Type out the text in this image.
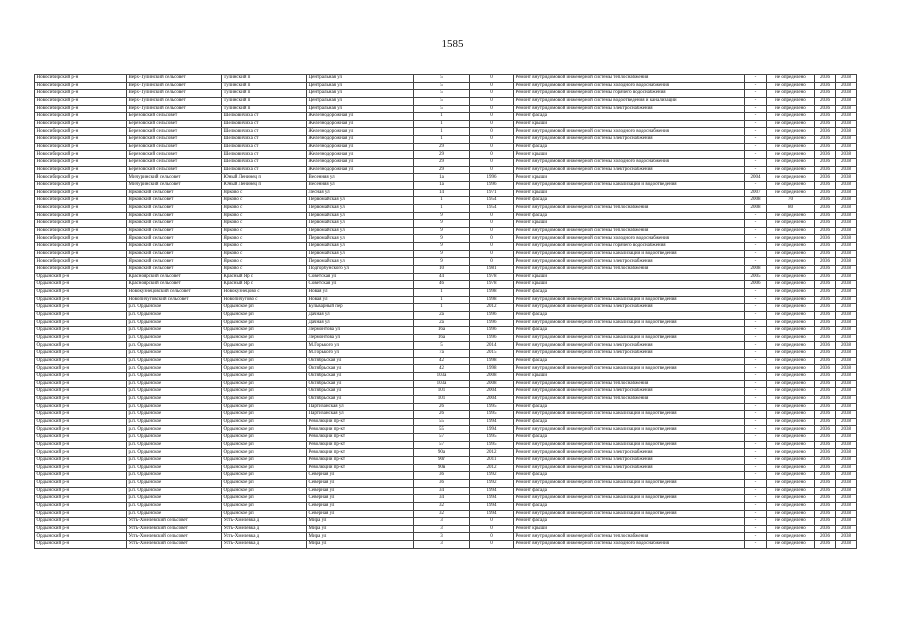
1585
Новосибирский р-н	Верх-Тулинский сельсовет	Тулинский п	Центральная ул	5	0	Ремонт внутридомовой инженерной системы теплоснабжения	-	не определено	2036	2038
Новосибирский р-н	Верх-Тулинский сельсовет	Тулинский п	Центральная ул	5	0	Ремонт внутридомовой инженерной системы холодного водоснабжения	-	не определено	2036	2038
Новосибирский р-н	Верх-Тулинский сельсовет	Тулинский п	Центральная ул	5	0	Ремонт внутридомовой инженерной системы горячего водоснабжения	-	не определено	2036	2038
Новосибирский р-н	Верх-Тулинский сельсовет	Тулинский п	Центральная ул	5	0	Ремонт внутридомовой инженерной системы водоотведения и канализации	-	не определено	2036	2038
Новосибирский р-н	Верх-Тулинский сельсовет	Тулинский п	Центральная ул	5	0	Ремонт внутридомовой инженерной системы электроснабжения	-	не определено	2036	2038
Новосибирский р-н	Березовский сельсовет	Шелковичиха ст	Железнодорожная ул	1	0	Ремонт фасада	-	не определено	2036	2038
Новосибирский р-н	Березовский сельсовет	Шелковичиха ст	Железнодорожная ул	1	0	Ремонт крыши	-	не определено	2036	2038
Новосибирский р-н	Березовский сельсовет	Шелковичиха ст	Железнодорожная ул	1	0	Ремонт внутридомовой инженерной системы холодного водоснабжения	-	не определено	2036	2038
Новосибирский р-н	Березовский сельсовет	Шелковичиха ст	Железнодорожная ул	1	0	Ремонт внутридомовой инженерной системы электроснабжения	-	не определено	2036	2038
Новосибирский р-н	Березовский сельсовет	Шелковичиха ст	Железнодорожная ул	29	0	Ремонт фасада	-	не определено	2036	2038
Новосибирский р-н	Березовский сельсовет	Шелковичиха ст	Железнодорожная ул	29	0	Ремонт крыши	-	не определено	2036	2038
Новосибирский р-н	Березовский сельсовет	Шелковичиха ст	Железнодорожная ул	29	0	Ремонт внутридомовой инженерной системы холодного водоснабжения	-	не определено	2036	2038
Новосибирский р-н	Березовский сельсовет	Шелковичиха ст	Железнодорожная ул	29	0	Ремонт внутридомовой инженерной системы электроснабжения	-	не определено	2036	2038
Новосибирский р-н	Мичуринский сельсовет	Юный Ленинец п	Весенняя ул	1а	1996	Ремонт крыши	2004	не определено	2036	2038
Новосибирский р-н	Мичуринский сельсовет	Юный Ленинец п	Весенняя ул	1а	1996	Ремонт внутридомовой инженерной системы канализации и водоотведения	-	не определено	2036	2038
Новосибирский р-н	Ярковский сельсовет	Ярково с	Лесная ул	14	1971	Ремонт крыши	2007	не определено	2036	2038
Новосибирский р-н	Ярковский сельсовет	Ярково с	Первомайская ул	1	1954	Ремонт фасада	2008	70	2036	2038
Новосибирский р-н	Ярковский сельсовет	Ярково с	Первомайская ул	1	1954	Ремонт внутридомовой инженерной системы теплоснабжения	2008	80	2036	2038
Новосибирский р-н	Ярковский сельсовет	Ярково с	Первомайская ул	9	0	Ремонт фасада	-	не определено	2036	2038
Новосибирский р-н	Ярковский сельсовет	Ярково с	Первомайская ул	9	0	Ремонт крыши	-	не определено	2036	2038
Новосибирский р-н	Ярковский сельсовет	Ярково с	Первомайская ул	9	0	Ремонт внутридомовой инженерной системы теплоснабжения	-	не определено	2036	2038
Новосибирский р-н	Ярковский сельсовет	Ярково с	Первомайская ул	9	0	Ремонт внутридомовой инженерной системы холодного водоснабжения	-	не определено	2036	2038
Новосибирский р-н	Ярковский сельсовет	Ярково с	Первомайская ул	9	0	Ремонт внутридомовой инженерной системы горячего водоснабжения	-	не определено	2036	2038
Новосибирский р-н	Ярковский сельсовет	Ярково с	Первомайская ул	9	0	Ремонт внутридомовой инженерной системы канализации и водоотведения	-	не определено	2036	2038
Новосибирский р-н	Ярковский сельсовет	Ярково с	Первомайская ул	9	0	Ремонт внутридомовой инженерной системы электроснабжения	-	не определено	2036	2038
Новосибирский р-н	Ярковский сельсовет	Ярково с	Подгорбунского ул	10	1981	Ремонт внутридомовой инженерной системы теплоснабжения	2008	не определено	2036	2038
Ордынский р-н	Красноярский сельсовет	Красный Яр с	Советская ул	44	1978	Ремонт крыши	2005	не определено	2036	2038
Ордынский р-н	Красноярский сельсовет	Красный Яр с	Советская ул	46	1978	Ремонт крыши	2006	не определено	2036	2038
Ордынский р-н	Новокузнецовский сельсовет	Новокузнецово с	Новая ул	1	1998	Ремонт фасада	-	не определено	2036	2038
Ордынский р-н	Новопичуговский сельсовет	Новопичугово с	Новая ул	1	1998	Ремонт внутридомовой инженерной системы канализации и водоотведения	-	не определено	2036	2038
Ордынский р-н	р.п. Ордынское	Ордынское рп	Бульварный пер	1	2012	Ремонт внутридомовой инженерной системы электроснабжения	-	не определено	2036	2038
Ордынский р-н	р.п. Ордынское	Ордынское рп	Дачная ул	2а	1996	Ремонт фасада	-	не определено	2036	2038
Ордынский р-н	р.п. Ордынское	Ордынское рп	Дачная ул	2а	1996	Ремонт внутридомовой инженерной системы канализации и водоотведения	-	не определено	2036	2038
Ордынский р-н	р.п. Ордынское	Ордынское рп	Лермонтова ул	16а	1996	Ремонт фасада	-	не определено	2036	2038
Ордынский р-н	р.п. Ордынское	Ордынское рп	Лермонтова ул	16а	1996	Ремонт внутридомовой инженерной системы канализации и водоотведения	-	не определено	2036	2038
Ордынский р-н	р.п. Ордынское	Ордынское рп	М.Горького ул	5	2014	Ремонт внутридомовой инженерной системы электроснабжения	-	не определено	2036	2038
Ордынский р-н	р.п. Ордынское	Ордынское рп	М.Горького ул	7а	2015	Ремонт внутридомовой инженерной системы электроснабжения	-	не определено	2036	2038
Ордынский р-н	р.п. Ордынское	Ордынское рп	Октябрьская ул	42	1998	Ремонт фасада	-	не определено	2036	2038
Ордынский р-н	р.п. Ордынское	Ордынское рп	Октябрьская ул	42	1998	Ремонт внутридомовой инженерной системы канализации и водоотведения	-	не определено	2036	2038
Ордынский р-н	р.п. Ордынское	Ордынское рп	Октябрьская ул	103а	2008	Ремонт крыши	-	не определено	2036	2038
Ордынский р-н	р.п. Ордынское	Ордынское рп	Октябрьская ул	103а	2008	Ремонт внутридомовой инженерной системы теплоснабжения	-	не определено	2036	2038
Ордынский р-н	р.п. Ордынское	Ордынское рп	Октябрьская ул	101	2004	Ремонт внутридомовой инженерной системы электроснабжения	-	не определено	2036	2038
Ордынский р-н	р.п. Ордынское	Ордынское рп	Октябрьская ул	101	2004	Ремонт внутридомовой инженерной системы теплоснабжения	-	не определено	2036	2038
Ордынский р-н	р.п. Ордынское	Ордынское рп	Партизанская ул	26	1995	Ремонт фасада	-	не определено	2036	2038
Ордынский р-н	р.п. Ордынское	Ордынское рп	Партизанская ул	26	1995	Ремонт внутридомовой инженерной системы канализации и водоотведения	-	не определено	2036	2038
Ордынский р-н	р.п. Ордынское	Ордынское рп	Революции пр-кт	55	1994	Ремонт фасада	-	не определено	2036	2038
Ордынский р-н	р.п. Ордынское	Ордынское рп	Революции пр-кт	55	1994	Ремонт внутридомовой инженерной системы канализации и водоотведения	-	не определено	2036	2038
Ордынский р-н	р.п. Ордынское	Ордынское рп	Революции пр-кт	57	1995	Ремонт фасада	-	не определено	2036	2038
Ордынский р-н	р.п. Ордынское	Ордынское рп	Революции пр-кт	57	1995	Ремонт внутридомовой инженерной системы канализации и водоотведения	-	не определено	2036	2038
Ордынский р-н	р.п. Ордынское	Ордынское рп	Революции пр-кт	90а	2012	Ремонт внутридомовой инженерной системы электроснабжения	-	не определено	2036	2038
Ордынский р-н	р.п. Ордынское	Ордынское рп	Революции пр-кт	90г	2011	Ремонт внутридомовой инженерной системы электроснабжения	-	не определено	2036	2038
Ордынский р-н	р.п. Ордынское	Ордынское рп	Революции пр-кт	90в	2012	Ремонт внутридомовой инженерной системы электроснабжения	-	не определено	2036	2038
Ордынский р-н	р.п. Ордынское	Ордынское рп	Северная ул	36	1992	Ремонт фасада	-	не определено	2036	2038
Ордынский р-н	р.п. Ордынское	Ордынское рп	Северная ул	36	1992	Ремонт внутридомовой инженерной системы канализации и водоотведения	-	не определено	2036	2038
Ордынский р-н	р.п. Ордынское	Ордынское рп	Северная ул	34	1994	Ремонт фасада	-	не определено	2036	2038
Ордынский р-н	р.п. Ордынское	Ордынское рп	Северная ул	34	1994	Ремонт внутридомовой инженерной системы канализации и водоотведения	-	не определено	2036	2038
Ордынский р-н	р.п. Ордынское	Ордынское рп	Северная ул	32	1994	Ремонт фасада	-	не определено	2036	2038
Ордынский р-н	р.п. Ордынское	Ордынское рп	Северная ул	32	1994	Ремонт внутридомовой инженерной системы канализации и водоотведения	-	не определено	2036	2038
Ордынский р-н	Усть-Хмелевский сельсовет	Усть-Хмелевка д	Мира ул	3	0	Ремонт фасада	-	не определено	2036	2038
Ордынский р-н	Усть-Хмелевский сельсовет	Усть-Хмелевка д	Мира ул	3	0	Ремонт крыши	-	не определено	2036	2038
Ордынский р-н	Усть-Хмелевский сельсовет	Усть-Хмелевка д	Мира ул	3	0	Ремонт внутридомовой инженерной системы теплоснабжения	-	не определено	2036	2038
Ордынский р-н	Усть-Хмелевский сельсовет	Усть-Хмелевка д	Мира ул	3	0	Ремонт внутридомовой инженерной системы холодного водоснабжения	-	не определено	2036	2038
